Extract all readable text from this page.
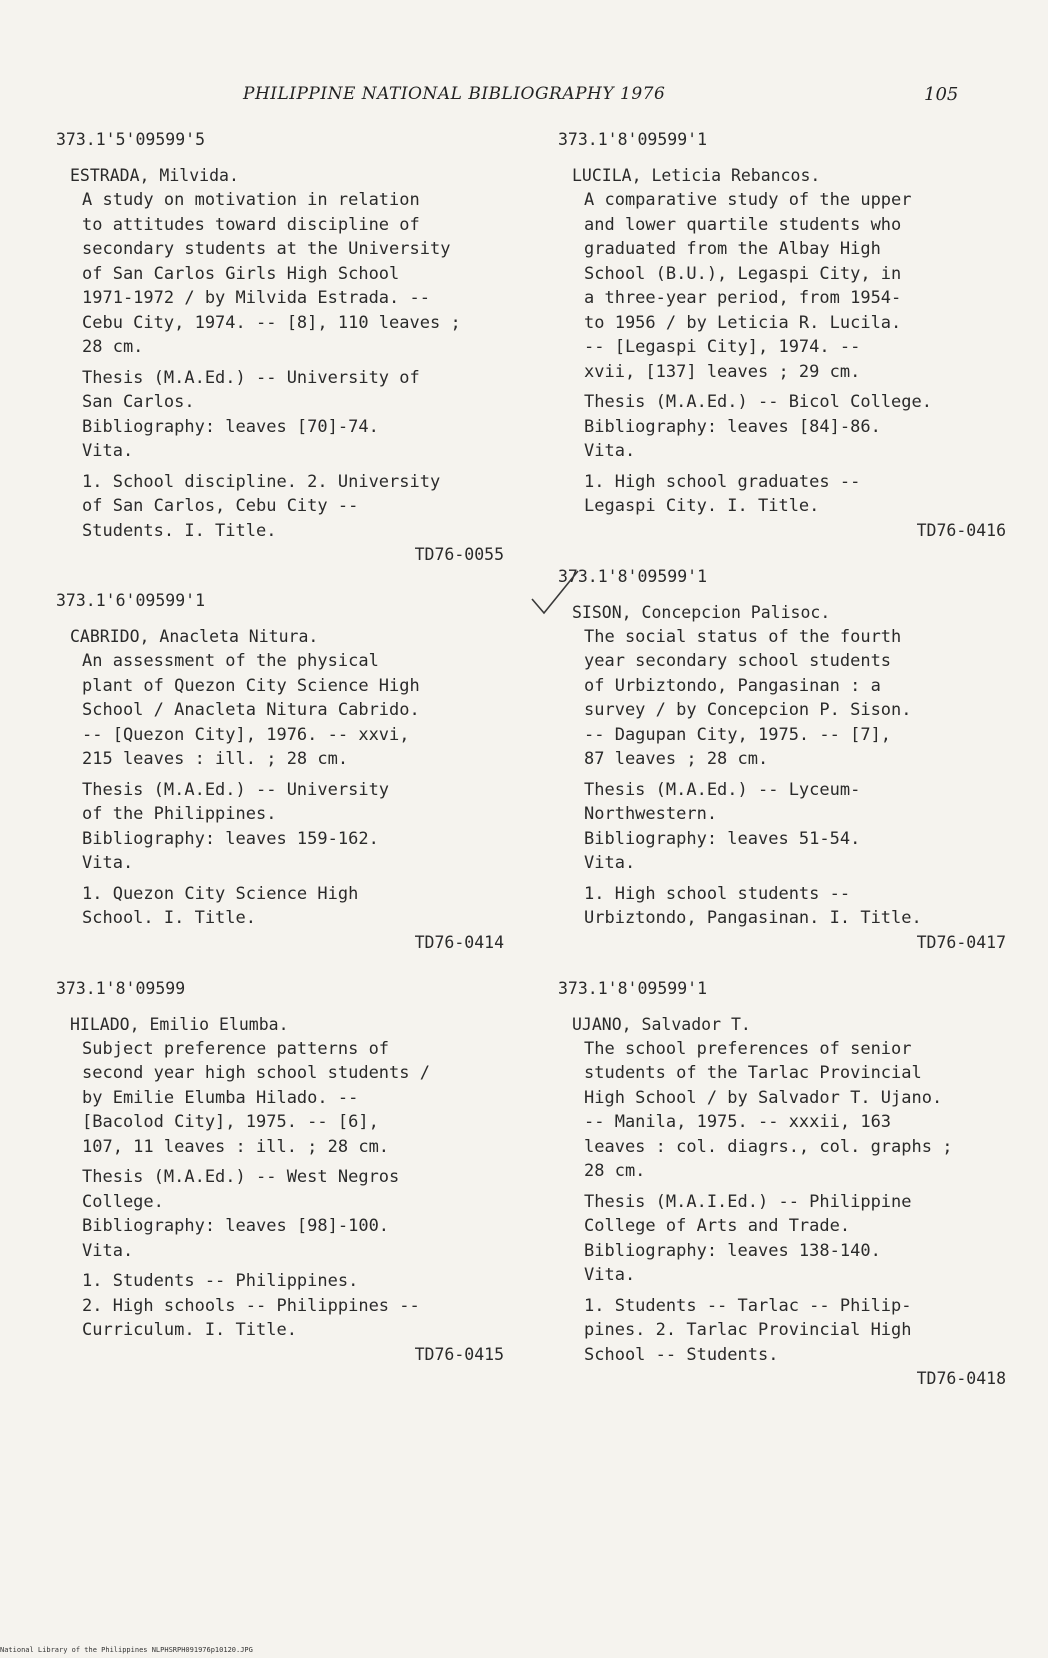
PHILIPPINE NATIONAL BIBLIOGRAPHY 1976	105
373.1'5'09599'5
ESTRADA, Milvida.
A study on motivation in relation
to attitudes toward discipline of
secondary students at the University
of San Carlos Girls High School
1971-1972 / by Milvida Estrada. --
Cebu City, 1974. -- [8], 110 leaves ;
28 cm.
Thesis (M.A.Ed.) -- University of
San Carlos.
Bibliography: leaves [70]-74.
Vita.
1. School discipline. 2. University
of San Carlos, Cebu City --
Students. I. Title.
TD76-0055
373.1'6'09599'1
CABRIDO, Anacleta Nitura.
An assessment of the physical
plant of Quezon City Science High
School / Anacleta Nitura Cabrido.
-- [Quezon City], 1976. -- xxvi,
215 leaves : ill. ; 28 cm.
Thesis (M.A.Ed.) -- University
of the Philippines.
Bibliography: leaves 159-162.
Vita.
1. Quezon City Science High
School. I. Title.
TD76-0414
373.1'8'09599
HILADO, Emilio Elumba.
Subject preference patterns of
second year high school students /
by Emilie Elumba Hilado. --
[Bacolod City], 1975. -- [6],
107, 11 leaves : ill. ; 28 cm.
Thesis (M.A.Ed.) -- West Negros
College.
Bibliography: leaves [98]-100.
Vita.
1. Students -- Philippines.
2. High schools -- Philippines --
Curriculum. I. Title.
TD76-0415
373.1'8'09599'1
LUCILA, Leticia Rebancos.
A comparative study of the upper
and lower quartile students who
graduated from the Albay High
School (B.U.), Legaspi City, in
a three-year period, from 1954-
to 1956 / by Leticia R. Lucila.
-- [Legaspi City], 1974. --
xvii, [137] leaves ; 29 cm.
Thesis (M.A.Ed.) -- Bicol College.
Bibliography: leaves [84]-86.
Vita.
1. High school graduates --
Legaspi City. I. Title.
TD76-0416
373.1'8'09599'1
SISON, Concepcion Palisoc.
The social status of the fourth
year secondary school students
of Urbiztondo, Pangasinan : a
survey / by Concepcion P. Sison.
-- Dagupan City, 1975. -- [7],
87 leaves ; 28 cm.
Thesis (M.A.Ed.) -- Lyceum-
Northwestern.
Bibliography: leaves 51-54.
Vita.
1. High school students --
Urbiztondo, Pangasinan. I. Title.
TD76-0417
373.1'8'09599'1
UJANO, Salvador T.
The school preferences of senior
students of the Tarlac Provincial
High School / by Salvador T. Ujano.
-- Manila, 1975. -- xxxii, 163
leaves : col. diagrs., col. graphs ;
28 cm.
Thesis (M.A.I.Ed.) -- Philippine
College of Arts and Trade.
Bibliography: leaves 138-140.
Vita.
1. Students -- Tarlac -- Philip-
pines. 2. Tarlac Provincial High
School -- Students.
TD76-0418
National Library of the Philippines NLPHSRPH091976p10120.JPG
